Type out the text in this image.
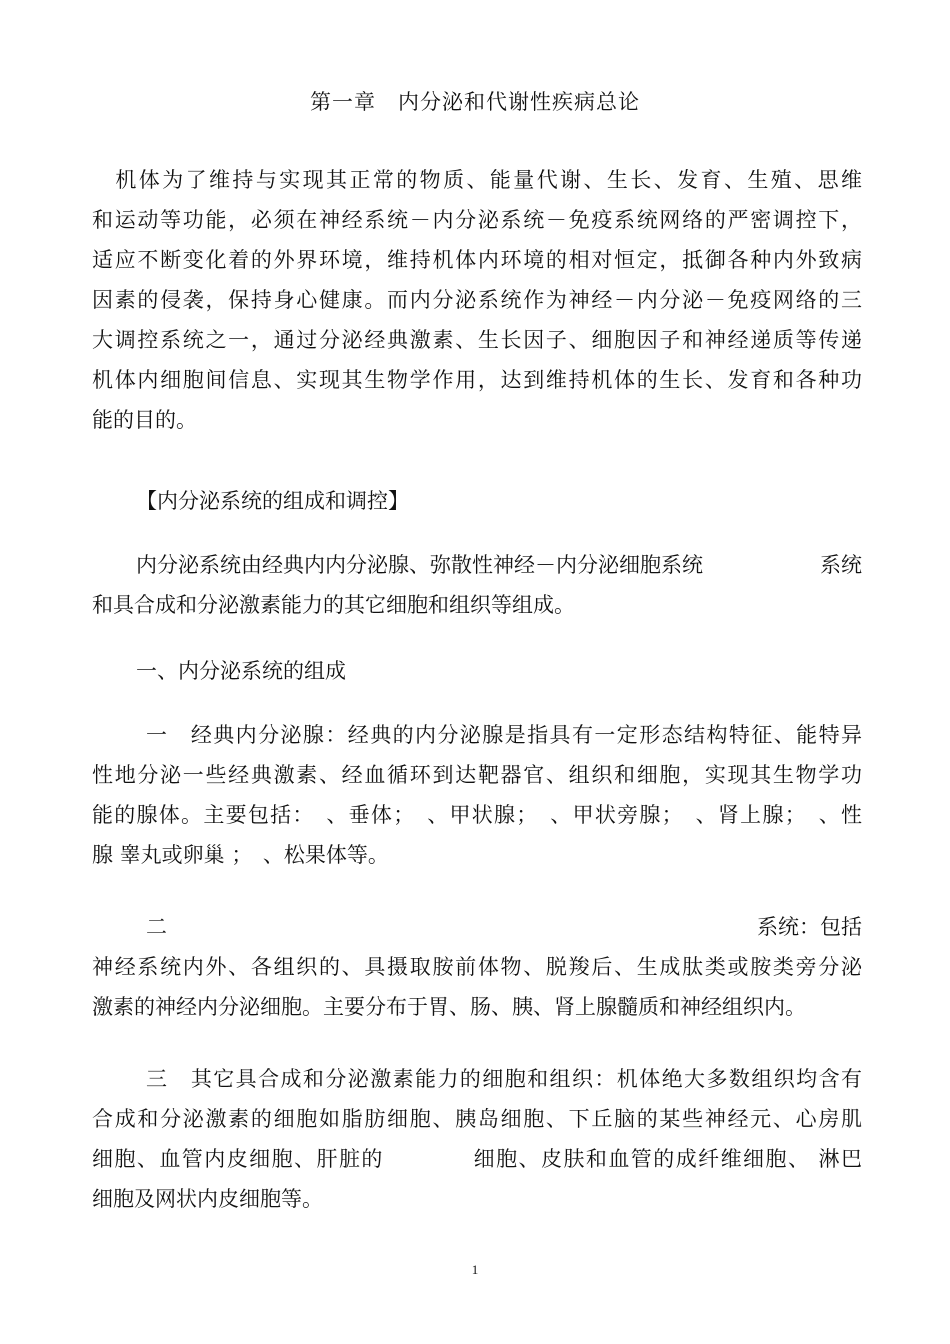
第一章　内分泌和代谢性疾病总论
　机体为了维持与实现其正常的物质、能量代谢、生长、发育、生殖、思维
和运动等功能，必须在神经系统－内分泌系统－免疫系统网络的严密调控下，
适应不断变化着的外界环境，维持机体内环境的相对恒定，抵御各种内外致病
因素的侵袭，保持身心健康。而内分泌系统作为神经－内分泌－免疫网络的三
大调控系统之一，通过分泌经典激素、生长因子、细胞因子和神经递质等传递
机体内细胞间信息、实现其生物学作用，达到维持机体的生长、发育和各种功
能的目的。
【内分泌系统的组成和调控】
内分泌系统由经典内内分泌腺、弥散性神经－内分泌细胞系统	系统
和具合成和分泌激素能力的其它细胞和组织等组成。
一、内分泌系统的组成
一　经典内分泌腺：经典的内分泌腺是指具有一定形态结构特征、能特异
性地分泌一些经典激素、经血循环到达靶器官、组织和细胞，实现其生物学功
能的腺体。主要包括：　、垂体；　、甲状腺；　、甲状旁腺；　、肾上腺；　、性
腺 睾丸或卵巢 ；　、松果体等。
二	系统：包括
神经系统内外、各组织的、具摄取胺前体物、脱羧后、生成肽类或胺类旁分泌
激素的神经内分泌细胞。主要分布于胃、肠、胰、肾上腺髓质和神经组织内。
三　其它具合成和分泌激素能力的细胞和组织：机体绝大多数组织均含有
合成和分泌激素的细胞如脂肪细胞、胰岛细胞、下丘脑的某些神经元、心房肌
细胞、血管内皮细胞、肝脏的　　　　细胞、皮肤和血管的成纤维细胞、 淋巴
细胞及网状内皮细胞等。
1
